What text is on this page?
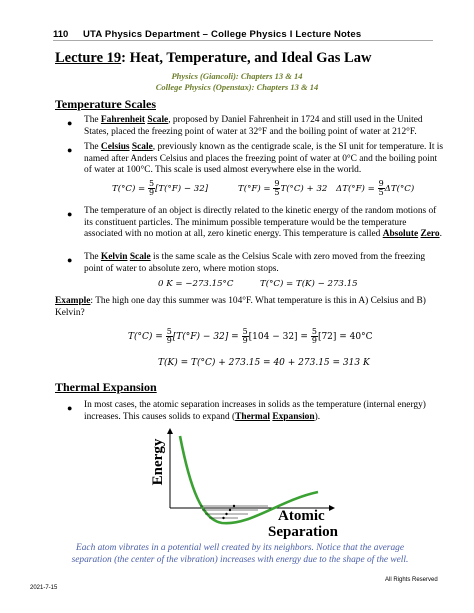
110 UTA Physics Department – College Physics I Lecture Notes
Lecture 19: Heat, Temperature, and Ideal Gas Law
Physics (Giancoli): Chapters 13 & 14
College Physics (Openstax): Chapters 13 & 14
Temperature Scales
● The Fahrenheit Scale, proposed by Daniel Fahrenheit in 1724 and still used in the United States, placed the freezing point of water at 32°F and the boiling point of water at 212°F.
● The Celsius Scale, previously known as the centigrade scale, is the SI unit for temperature. It is named after Anders Celsius and places the freezing point of water at 0°C and the boiling point of water at 100°C. This scale is used almost everywhere else in the world.
$T(^\circ C) = \frac{5}{9} [T(^\circ F) - 32]$	$T(^\circ F) = \frac{9}{5} T(^\circ C) + 32$ $\Delta T(^\circ F) = \frac{9}{5} \Delta T(^\circ C)$
● The temperature of an object is directly related to the kinetic energy of the random motions of its constituent particles. The minimum possible temperature would be the temperature associated with no motion at all, zero kinetic energy. This temperature is called Absolute Zero.
● The Kelvin Scale is the same scale as the Celsius Scale with zero moved from the freezing point of water to absolute zero, where motion stops.
0 K = −273.15°C	T(°C) = T(K) − 273.15
Example: The high one day this summer was 104°F. What temperature is this in A) Celsius and B) Kelvin?
$T(^\circ C) = \frac{5}{9} [T(^\circ F) - 32] = \frac{5}{9} [104 - 32] = \frac{5}{9} [72] = 40^\circ C$
T(K) = T(°C) + 273.15 = 40 + 273.15 = 313 K
Thermal Expansion
● In most cases, the atomic separation increases in solids as the temperature (internal energy) increases. This causes solids to expand (Thermal Expansion).
Energy
Atomic
Separation
Each atom vibrates in a potential well created by its neighbors. Notice that the average separation (the center of the vibration) increases with energy due to the shape of the well.
2021-7-15
All Rights Reserved
